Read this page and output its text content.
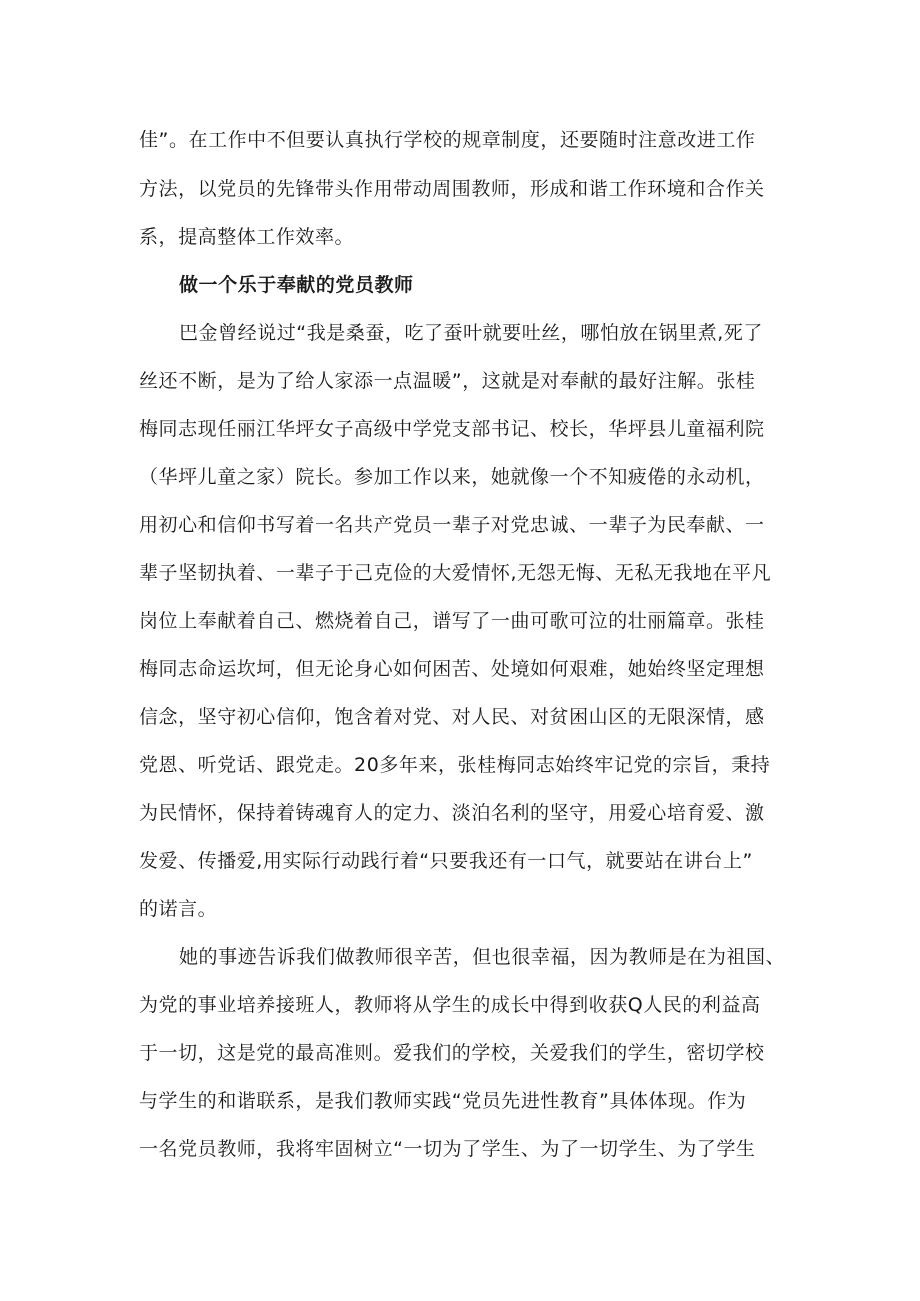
佳”。在工作中不但要认真执行学校的规章制度，还要随时注意改进工作
方法，以党员的先锋带头作用带动周围教师，形成和谐工作环境和合作关
系，提高整体工作效率。
做一个乐于奉献的党员教师
巴金曾经说过“我是桑蚕，吃了蚕叶就要吐丝，哪怕放在锅里煮,死了
丝还不断，是为了给人家添一点温暖”，这就是对奉献的最好注解。张桂
梅同志现任丽江华坪女子高级中学党支部书记、校长，华坪县儿童福利院
（华坪儿童之家）院长。参加工作以来，她就像一个不知疲倦的永动机，
用初心和信仰书写着一名共产党员一辈子对党忠诚、一辈子为民奉献、一
辈子坚韧执着、一辈子于己克俭的大爱情怀,无怨无悔、无私无我地在平凡
岗位上奉献着自己、燃烧着自己，谱写了一曲可歌可泣的壮丽篇章。张桂
梅同志命运坎坷，但无论身心如何困苦、处境如何艰难，她始终坚定理想
信念，坚守初心信仰，饱含着对党、对人民、对贫困山区的无限深情，感
党恩、听党话、跟党走。20多年来，张桂梅同志始终牢记党的宗旨，秉持
为民情怀，保持着铸魂育人的定力、淡泊名利的坚守，用爱心培育爱、激
发爱、传播爱,用实际行动践行着“只要我还有一口气，就要站在讲台上”
的诺言。
她的事迹告诉我们做教师很辛苦，但也很幸福，因为教师是在为祖国、
为党的事业培养接班人，教师将从学生的成长中得到收获Q人民的利益高
于一切，这是党的最高准则。爱我们的学校，关爱我们的学生，密切学校
与学生的和谐联系，是我们教师实践“党员先进性教育”具体体现。作为
一名党员教师，我将牢固树立“一切为了学生、为了一切学生、为了学生
